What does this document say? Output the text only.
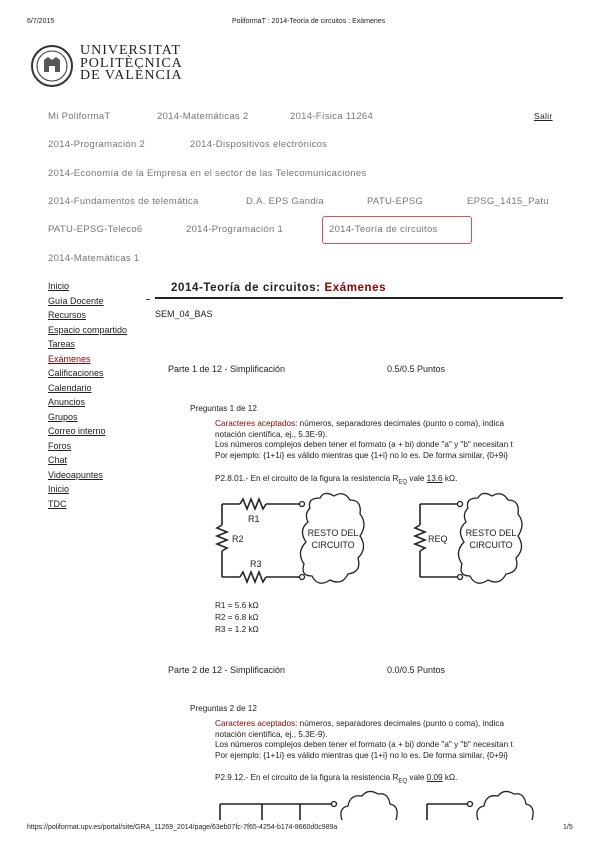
6/7/2015	PoliformaT : 2014-Teoría de circuitos : Exámenes
UNIVERSITAT
POLITÈCNICA
DE VALÈNCIA
Mi PoliformaT	2014-Matemáticas 2	2014-Física 11264	Salir
2014-Programación 2	2014-Dispositivos electrónicos
2014-Economía de la Empresa en el sector de las Telecomunicaciones
2014-Fundamentos de telemática	D.A. EPS Gandia	PATU-EPSG	EPSG_1415_Patu
PATU-EPSG-Teleco6	2014-Programación 1	2014-Teoría de circuitos
2014-Matemáticas 1
Inicio
Guía Docente
Recursos
Espacio compartido
Tareas
Exámenes
Calificaciones
Calendario
Anuncios
Grupos
Correo interno
Foros
Chat
Videoapuntes
Inicio
TDC
2014-Teoría de circuitos: Exámenes
SEM_04_BAS
Parte 1 de 12 - Simplificación	0.5/0.5 Puntos
Preguntas 1 de 12
Caracteres aceptados: números, separadores decimales (punto o coma), indica
notación científica, ej., 5.3E-9).
Los números complejos deben tener el formato (a + bi) donde "a" y "b" necesitan t
Por ejemplo: {1+1i} es válido mientras que {1+i} no lo es. De forma similar, {0+9i}
P2.8.01.- En el circuito de la figura la resistencia $R_{EQ}$ vale 13.6 kΩ.
R1
R2
R3
RESTO DEL
CIRCUITO
REQ
RESTO DEL
CIRCUITO
R1 = 5.6 kΩ
R2 = 6.8 kΩ
R3 = 1.2 kΩ
Parte 2 de 12 - Simplificación	0.0/0.5 Puntos
Preguntas 2 de 12
Caracteres aceptados: números, separadores decimales (punto o coma), indica
notación científica, ej., 5.3E-9).
Los números complejos deben tener el formato (a + bi) donde "a" y "b" necesitan t
Por ejemplo: {1+1i} es válido mientras que {1+i} no lo es. De forma similar, {0+9i}
P2.9.12.- En el circuito de la figura la resistencia $R_{EQ}$ vale 0.09 kΩ.
https://poliformat.upv.es/portal/site/GRA_11269_2014/page/63eb07fc-7f65-4254-b174-8660d0c989a	1/5
